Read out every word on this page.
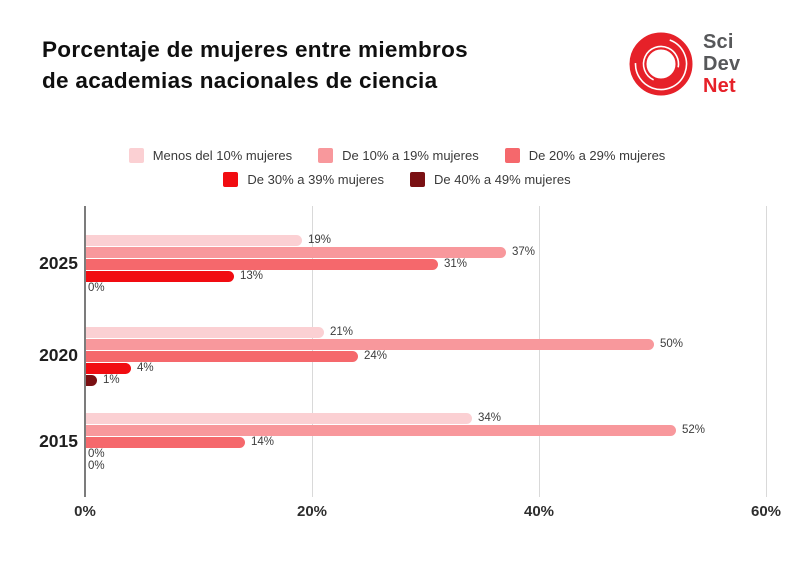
Porcentaje de mujeres entre miembros
de academias nacionales de ciencia
Sci
Dev
Net
Menos del 10% mujeres	De 10% a 19% mujeres	De 20% a 29% mujeres
De 30% a 39% mujeres	De 40% a 49% mujeres
0%	20%	40%	60%
2025
19%
37%
31%
13%
0%
2020
21%
50%
24%
4%
1%
2015
34%
52%
14%
0%
0%
